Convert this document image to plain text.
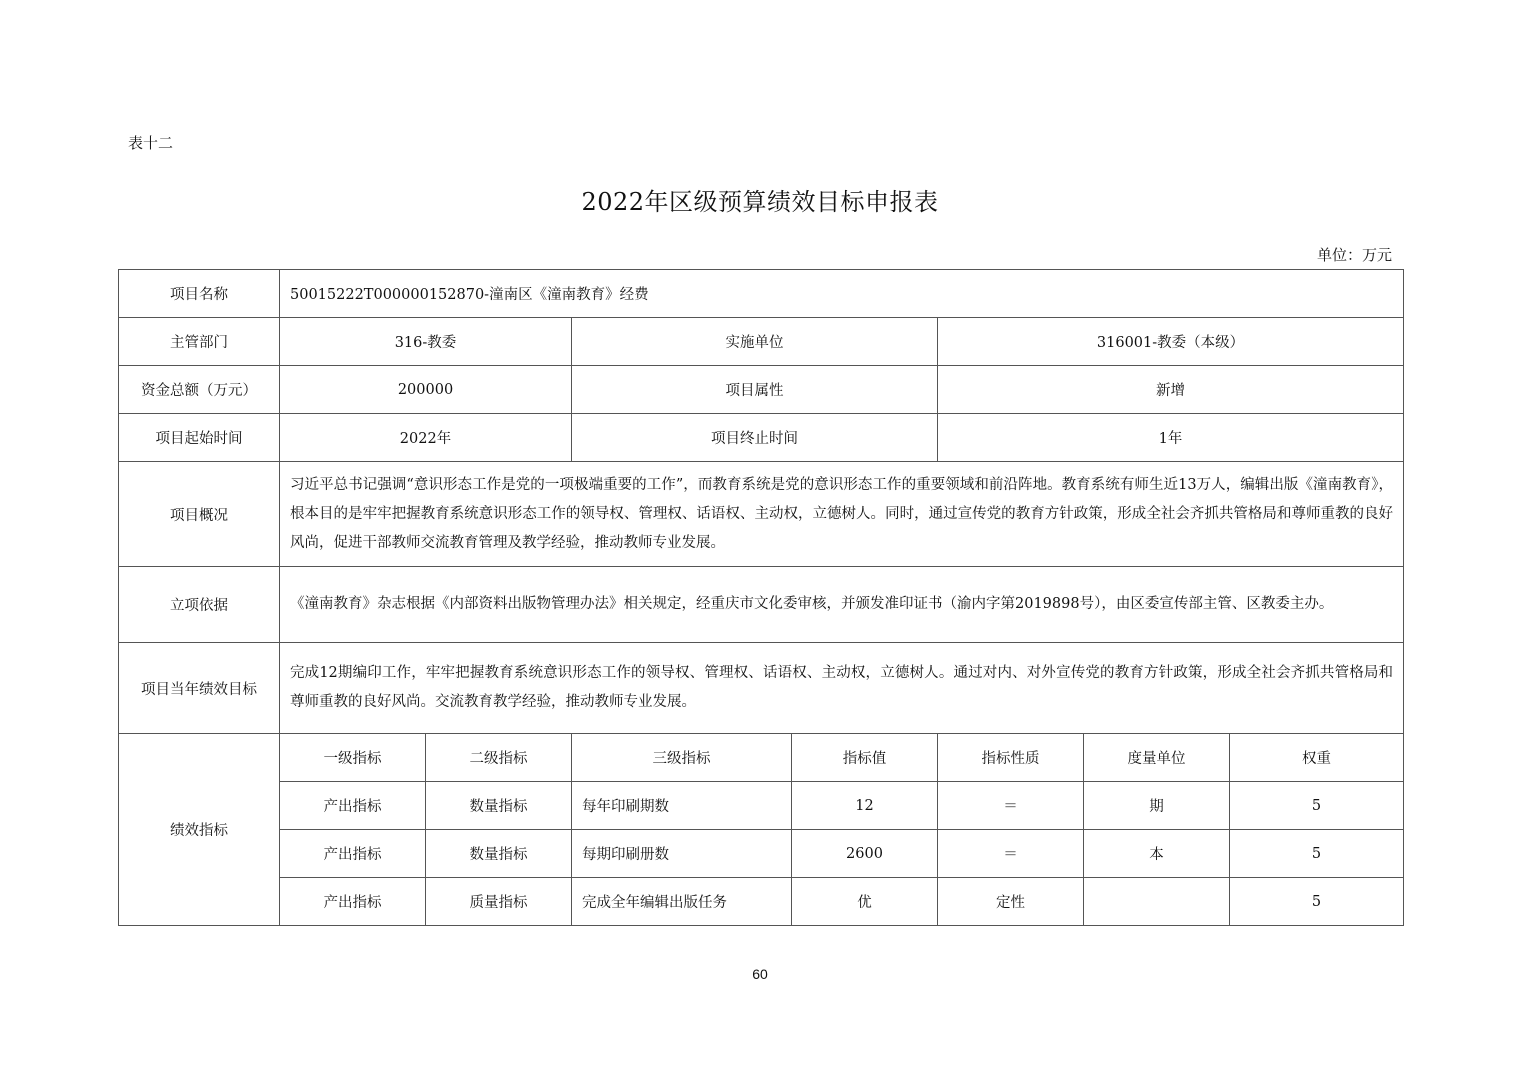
表十二
2022年区级预算绩效目标申报表
单位：万元
项目名称	50015222T000000152870-潼南区《潼南教育》经费						
主管部门	316-教委		实施单位		316001-教委（本级）		
资金总额（万元）	200000		项目属性		新增		
项目起始时间	2022年		项目终止时间		1年		
项目概况	习近平总书记强调“意识形态工作是党的一项极端重要的工作”，而教育系统是党的意识形态工作的重要领域和前沿阵地。教育系统有师生近13万人，编辑出版《潼南教育》，根本目的是牢牢把握教育系统意识形态工作的领导权、管理权、话语权、主动权，立德树人。同时，通过宣传党的教育方针政策，形成全社会齐抓共管格局和尊师重教的良好风尚，促进干部教师交流教育管理及教学经验，推动教师专业发展。						
立项依据	《潼南教育》杂志根据《内部资料出版物管理办法》相关规定，经重庆市文化委审核，并颁发准印证书（渝内字第2019898号），由区委宣传部主管、区教委主办。						
项目当年绩效目标	完成12期编印工作，牢牢把握教育系统意识形态工作的领导权、管理权、话语权、主动权，立德树人。通过对内、对外宣传党的教育方针政策，形成全社会齐抓共管格局和尊师重教的良好风尚。交流教育教学经验，推动教师专业发展。						
绩效指标	一级指标	二级指标	三级指标	指标值	指标性质	度量单位	权重
	产出指标	数量指标	每年印刷期数	12	＝	期	5
	产出指标	数量指标	每期印刷册数	2600	＝	本	5
	产出指标	质量指标	完成全年编辑出版任务	优	定性		5
60
